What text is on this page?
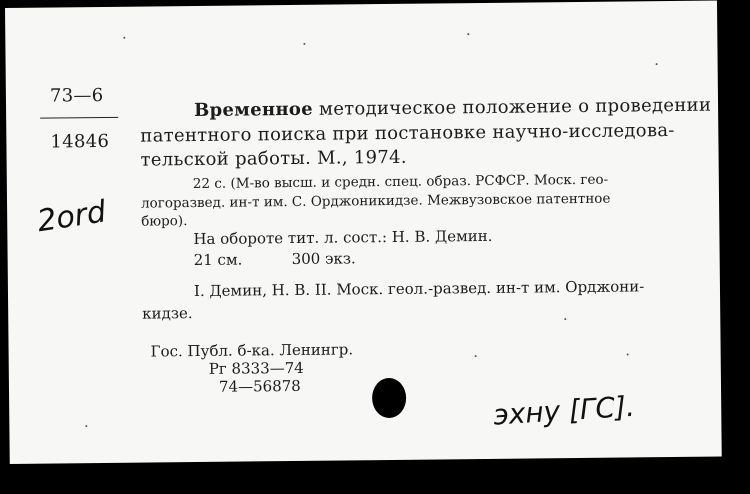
73—6
14846
2ord
Временное методическое положение о проведении
патентного поиска при постановке научно-исследова-
тельской работы. М., 1974.
22 с. (М-во высш. и средн. спец. образ. РСФСР. Моск. гео-
логоразвед. ин-т им. С. Орджоникидзе. Межвузовское патентное
бюро).
На обороте тит. л. сост.: Н. В. Демин.
21 см.	300 экз.
I. Демин, Н. В. II. Моск. геол.-развед. ин-т им. Орджони-
кидзе.
Гос. Публ. б-ка. Ленингр.
Рг 8333—74
74—56878
эхну [ГС].
